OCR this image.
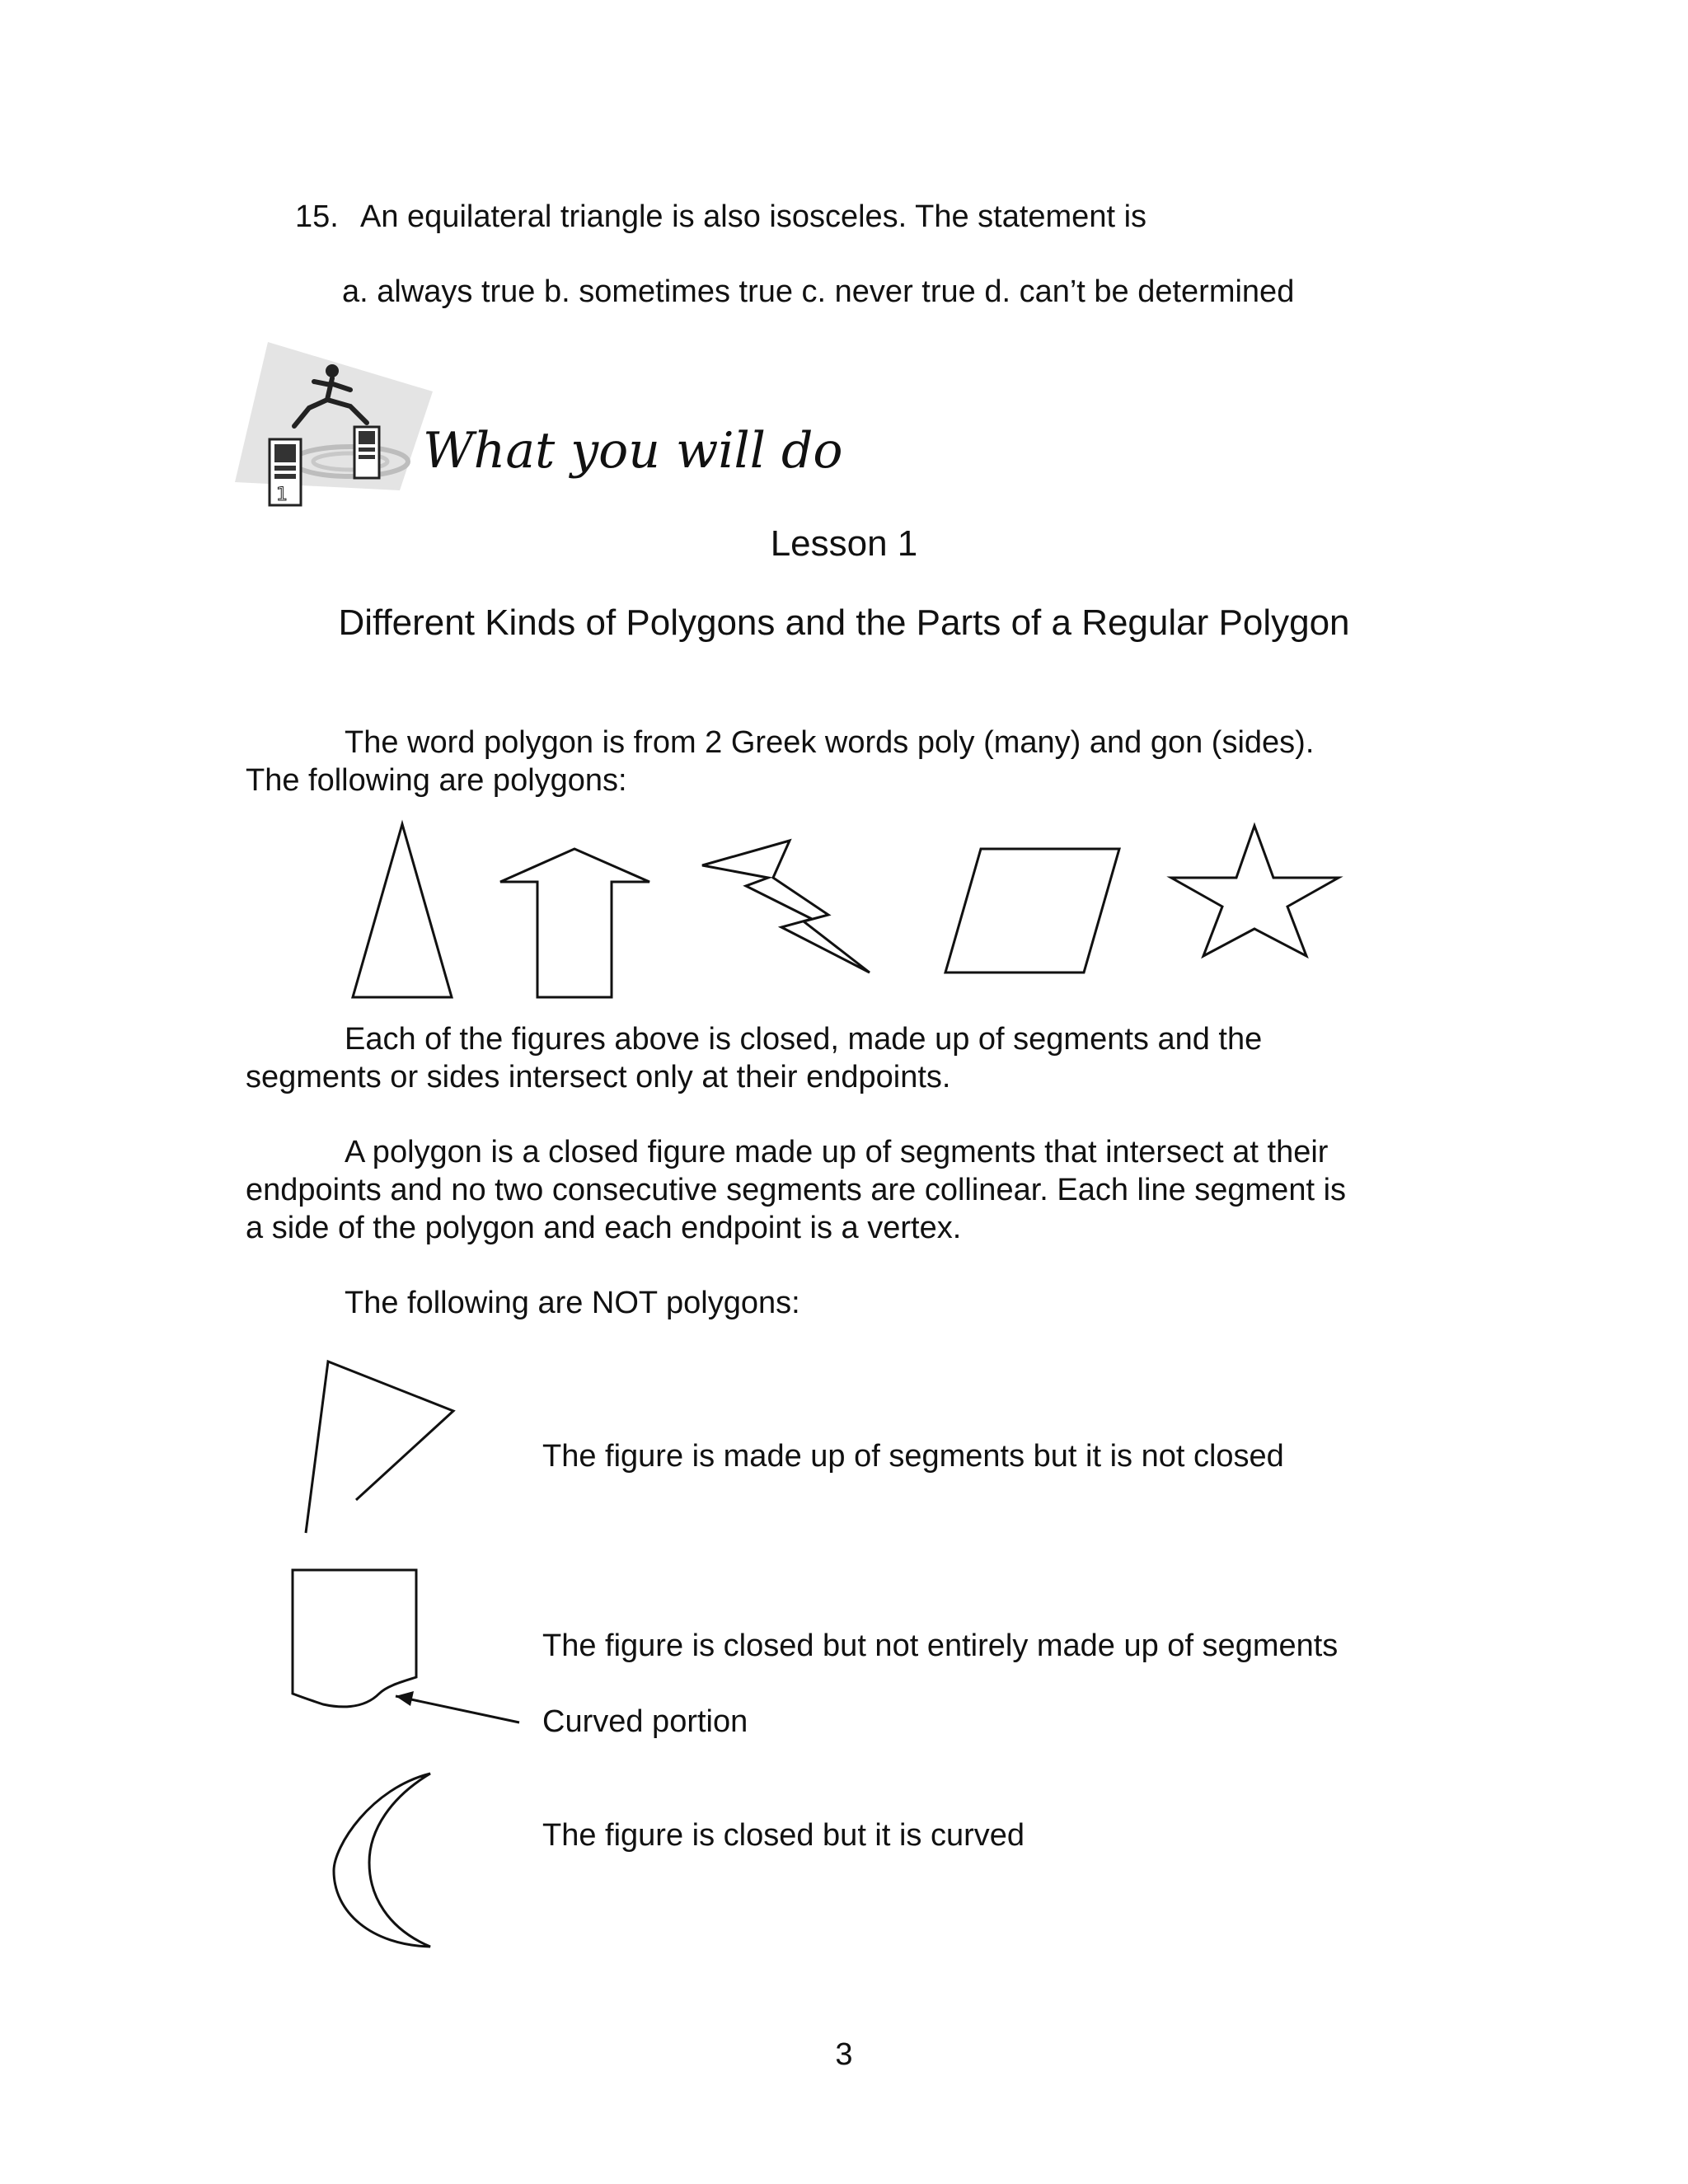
15. An equilateral triangle is also isosceles. The statement is
a. always true b. sometimes true c. never true d. can’t be determined
1
What you will do
Lesson 1
Different Kinds of Polygons and the Parts of a Regular Polygon
The word polygon is from 2 Greek words poly (many) and gon (sides).
The following are polygons:
Each of the figures above is closed, made up of segments and the
segments or sides intersect only at their endpoints.
A polygon is a closed figure made up of segments that intersect at their
endpoints and no two consecutive segments are collinear. Each line segment is
a side of the polygon and each endpoint is a vertex.
The following are NOT polygons:
The figure is made up of segments but it is not closed
The figure is closed but not entirely made up of segments
Curved portion
The figure is closed but it is curved
3
